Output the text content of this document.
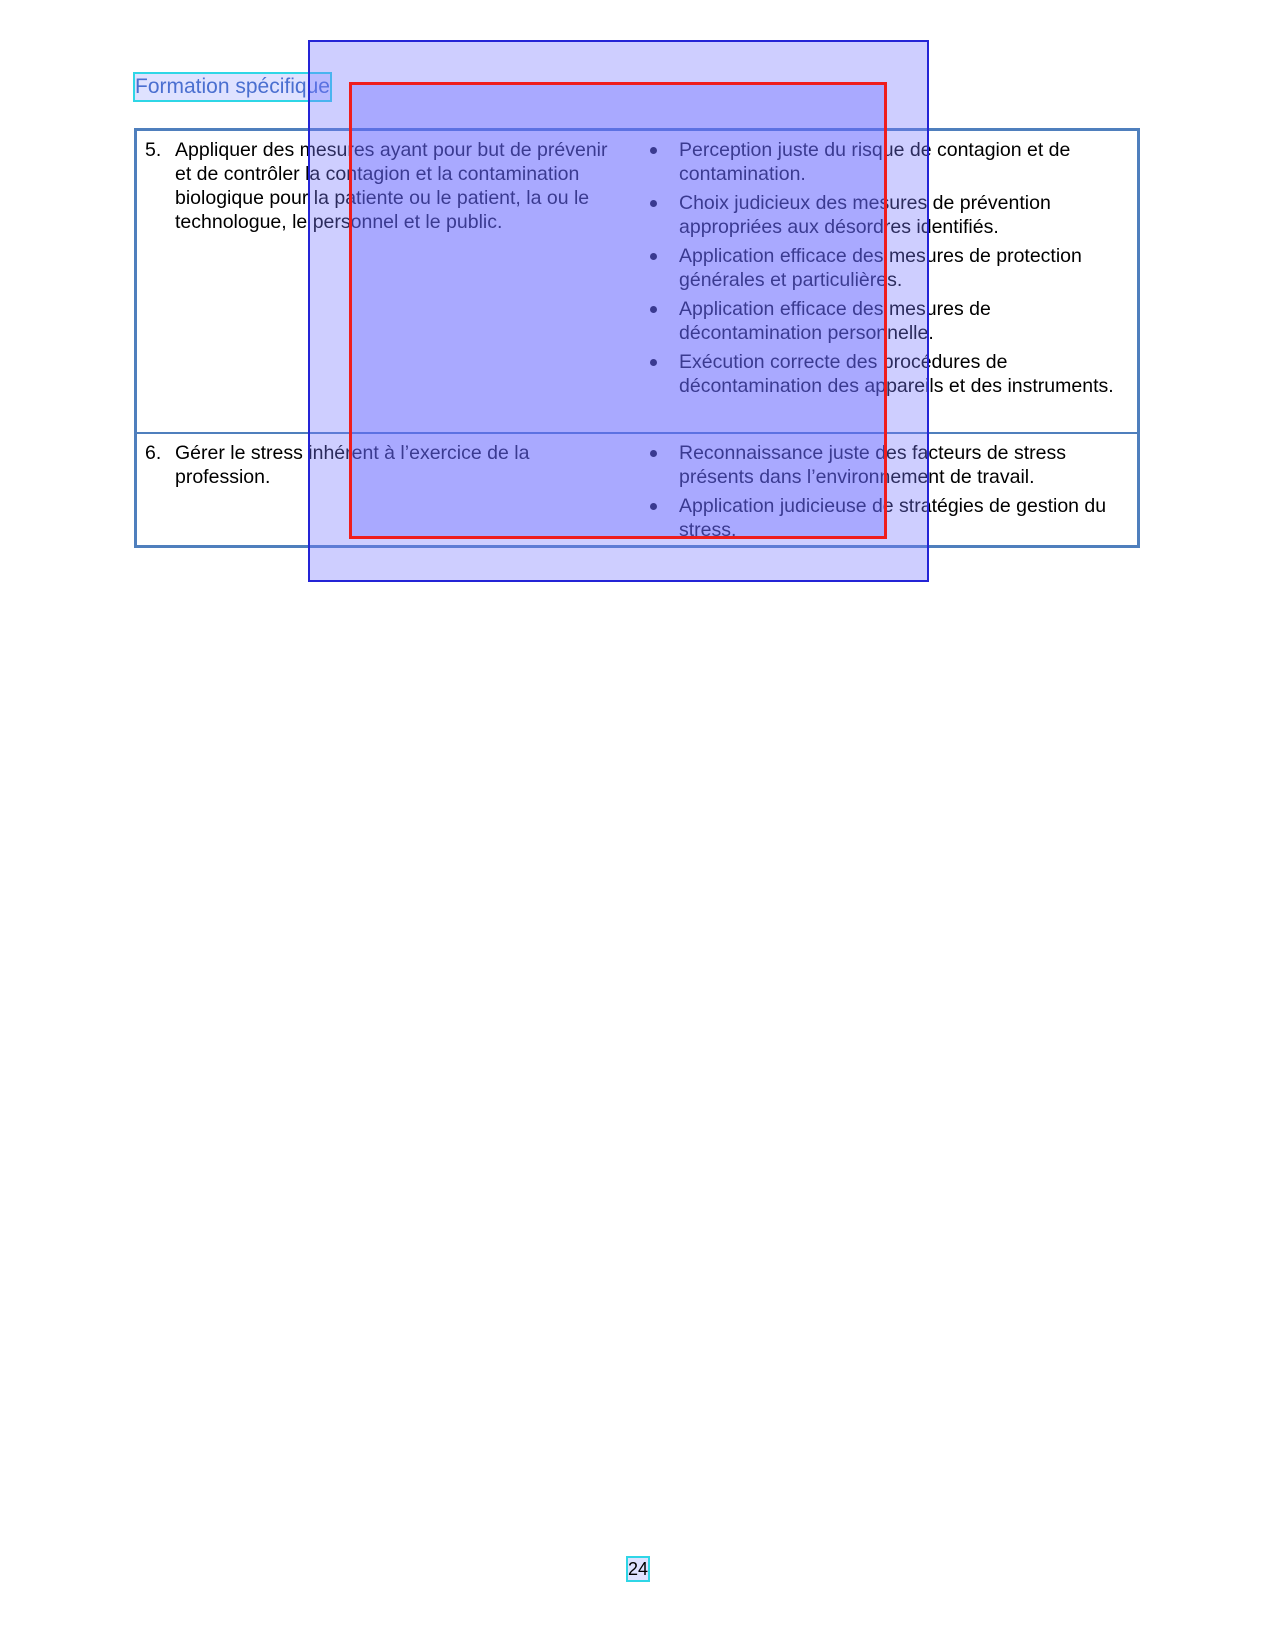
Formation spécifique
5. Appliquer des mesures ayant pour but de prévenir et de contrôler la contagion et la contamination biologique pour la patiente ou le patient, la ou le technologue, le personnel et le public.
Perception juste du risque de contagion et de contamination.
Choix judicieux des mesures de prévention appropriées aux désordres identifiés.
Application efficace des mesures de protection générales et particulières.
Application efficace des mesures de décontamination personnelle.
Exécution correcte des procédures de décontamination des appareils et des instruments.
6. Gérer le stress inhérent à l’exercice de la profession.
Reconnaissance juste des facteurs de stress présents dans l’environnement de travail.
Application judicieuse de stratégies de gestion du stress.
24
